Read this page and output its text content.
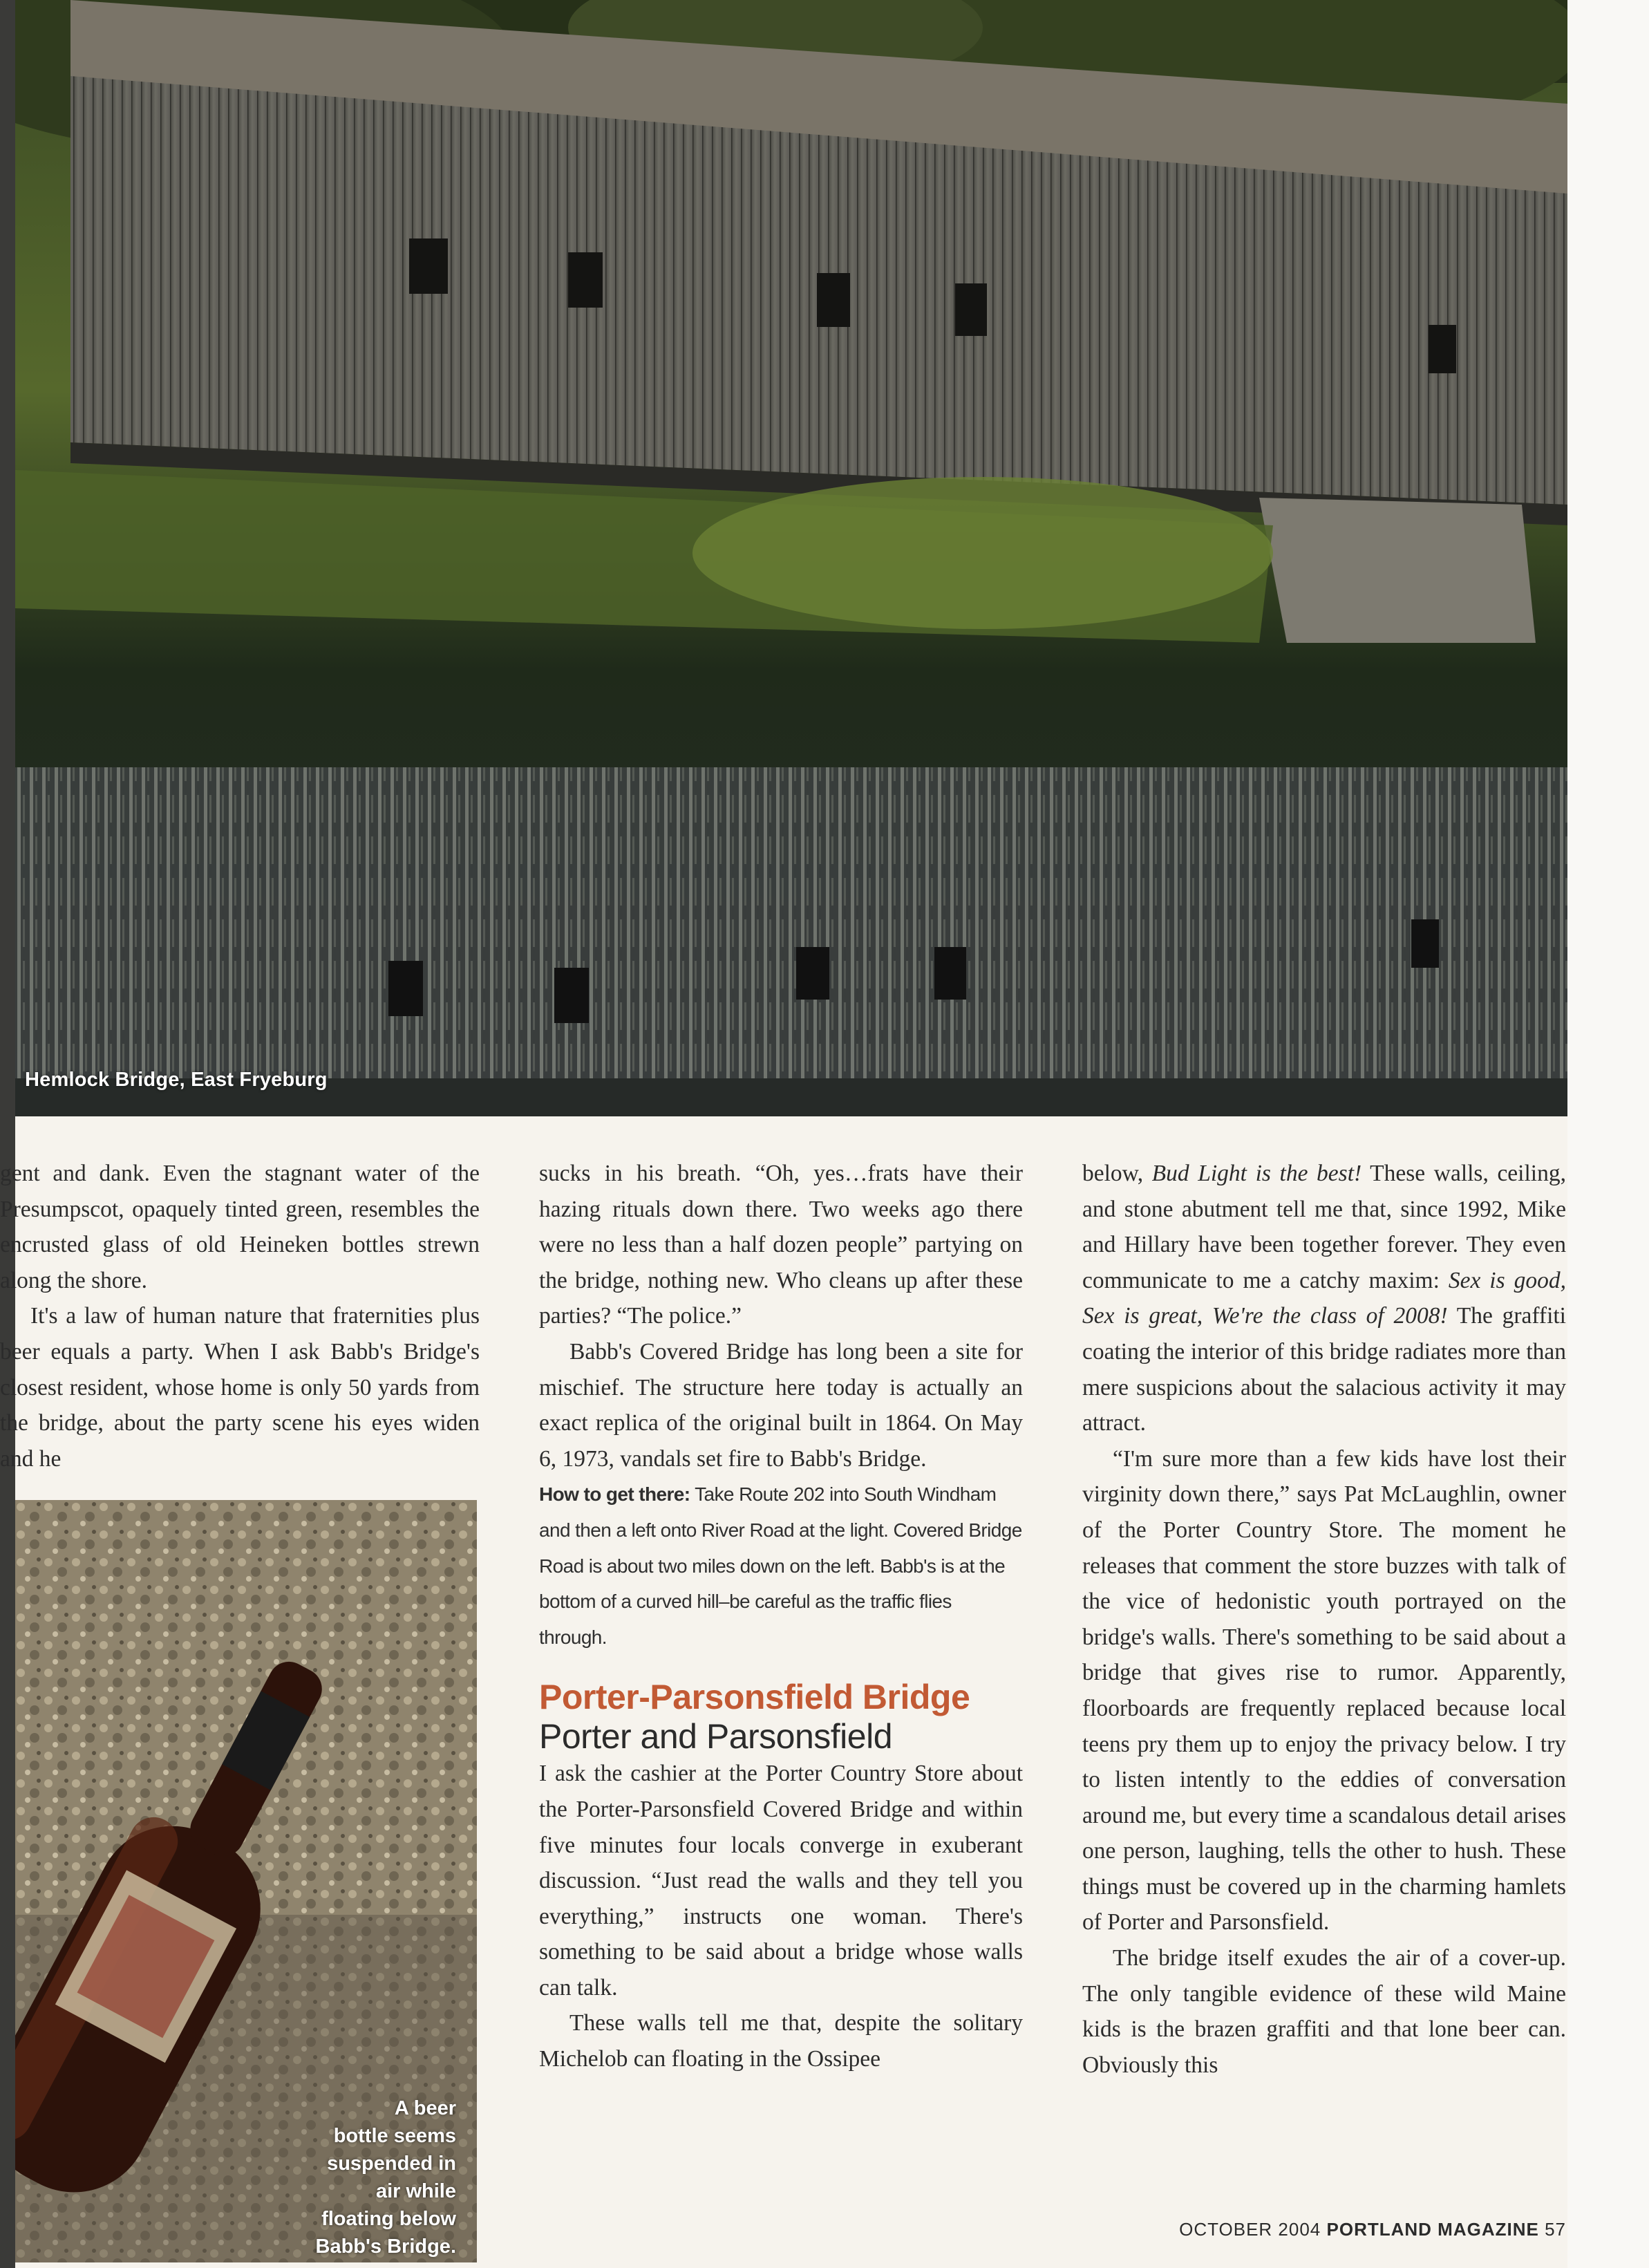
Hemlock Bridge, East Fryeburg

gent and dank. Even the stagnant water of the Presumpscot, opaquely tinted green, resembles the encrusted glass of old Heineken bottles strewn along the shore.

It's a law of human nature that fraternities plus beer equals a party. When I ask Babb's Bridge's closest resident, whose home is only 50 yards from the bridge, about the party scene his eyes widen and he

A beer
bottle seems
suspended in
air while
floating below
Babb's Bridge.

sucks in his breath. “Oh, yes…frats have their hazing rituals down there. Two weeks ago there were no less than a half dozen people” partying on the bridge, nothing new. Who cleans up after these parties? “The police.”

Babb's Covered Bridge has long been a site for mischief. The structure here today is actually an exact replica of the original built in 1864. On May 6, 1973, vandals set fire to Babb's Bridge.

How to get there: Take Route 202 into South Windham and then a left onto River Road at the light. Covered Bridge Road is about two miles down on the left. Babb's is at the bottom of a curved hill–be careful as the traffic flies through.

Porter-Parsonsfield Bridge
Porter and Parsonsfield

I ask the cashier at the Porter Country Store about the Porter-Parsonsfield Covered Bridge and within five minutes four locals converge in exuberant discussion. “Just read the walls and they tell you everything,” instructs one woman. There's something to be said about a bridge whose walls can talk.

These walls tell me that, despite the solitary Michelob can floating in the Ossipee

below, Bud Light is the best! These walls, ceiling, and stone abutment tell me that, since 1992, Mike and Hillary have been together forever. They even communicate to me a catchy maxim: Sex is good, Sex is great, We're the class of 2008! The graffiti coating the interior of this bridge radiates more than mere suspicions about the salacious activity it may attract.

“I'm sure more than a few kids have lost their virginity down there,” says Pat McLaughlin, owner of the Porter Country Store. The moment he releases that comment the store buzzes with talk of the vice of hedonistic youth portrayed on the bridge's walls. There's something to be said about a bridge that gives rise to rumor. Apparently, floorboards are frequently replaced because local teens pry them up to enjoy the privacy below. I try to listen intently to the eddies of conversation around me, but every time a scandalous detail arises one person, laughing, tells the other to hush. These things must be covered up in the charming hamlets of Porter and Parsonsfield.

The bridge itself exudes the air of a cover-up. The only tangible evidence of these wild Maine kids is the brazen graffiti and that lone beer can. Obviously this

OCTOBER 2004 PORTLAND MAGAZINE 57
